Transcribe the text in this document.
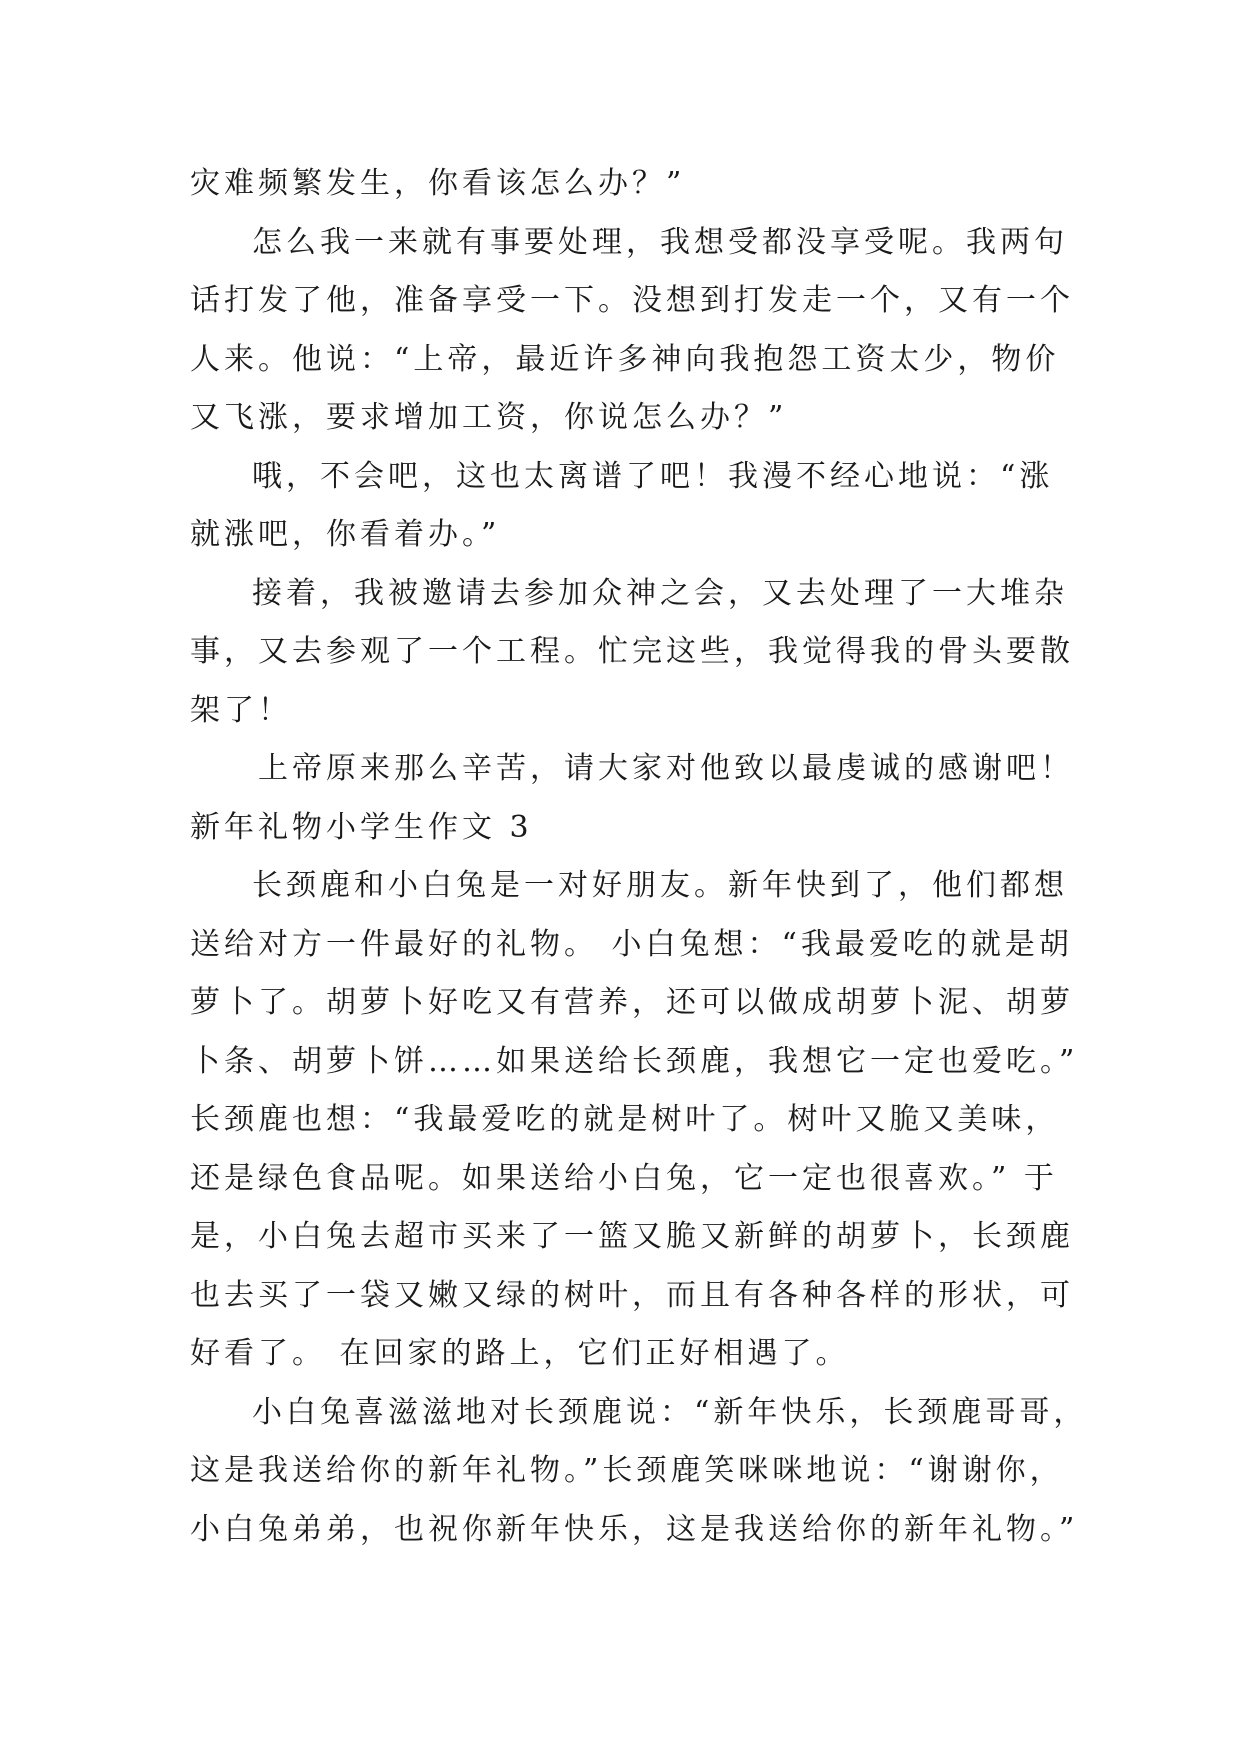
灾难频繁发生，你看该怎么办？”
怎么我一来就有事要处理，我想受都没享受呢。我两句
话打发了他，准备享受一下。没想到打发走一个，又有一个
人来。他说：“上帝，最近许多神向我抱怨工资太少，物价
又飞涨，要求增加工资，你说怎么办？”
哦，不会吧，这也太离谱了吧！我漫不经心地说：“涨
就涨吧，你看着办。”
接着，我被邀请去参加众神之会，又去处理了一大堆杂
事，又去参观了一个工程。忙完这些，我觉得我的骨头要散
架了！
上帝原来那么辛苦，请大家对他致以最虔诚的感谢吧！
新年礼物小学生作文 3
长颈鹿和小白兔是一对好朋友。新年快到了，他们都想
送给对方一件最好的礼物。 小白兔想：“我最爱吃的就是胡
萝卜了。胡萝卜好吃又有营养，还可以做成胡萝卜泥、胡萝
卜条、胡萝卜饼……如果送给长颈鹿，我想它一定也爱吃。”
长颈鹿也想：“我最爱吃的就是树叶了。树叶又脆又美味，
还是绿色食品呢。如果送给小白兔，它一定也很喜欢。” 于
是，小白兔去超市买来了一篮又脆又新鲜的胡萝卜，长颈鹿
也去买了一袋又嫩又绿的树叶，而且有各种各样的形状，可
好看了。 在回家的路上，它们正好相遇了。
小白兔喜滋滋地对长颈鹿说：“新年快乐，长颈鹿哥哥，
这是我送给你的新年礼物。”长颈鹿笑咪咪地说：“谢谢你，
小白兔弟弟，也祝你新年快乐，这是我送给你的新年礼物。”
